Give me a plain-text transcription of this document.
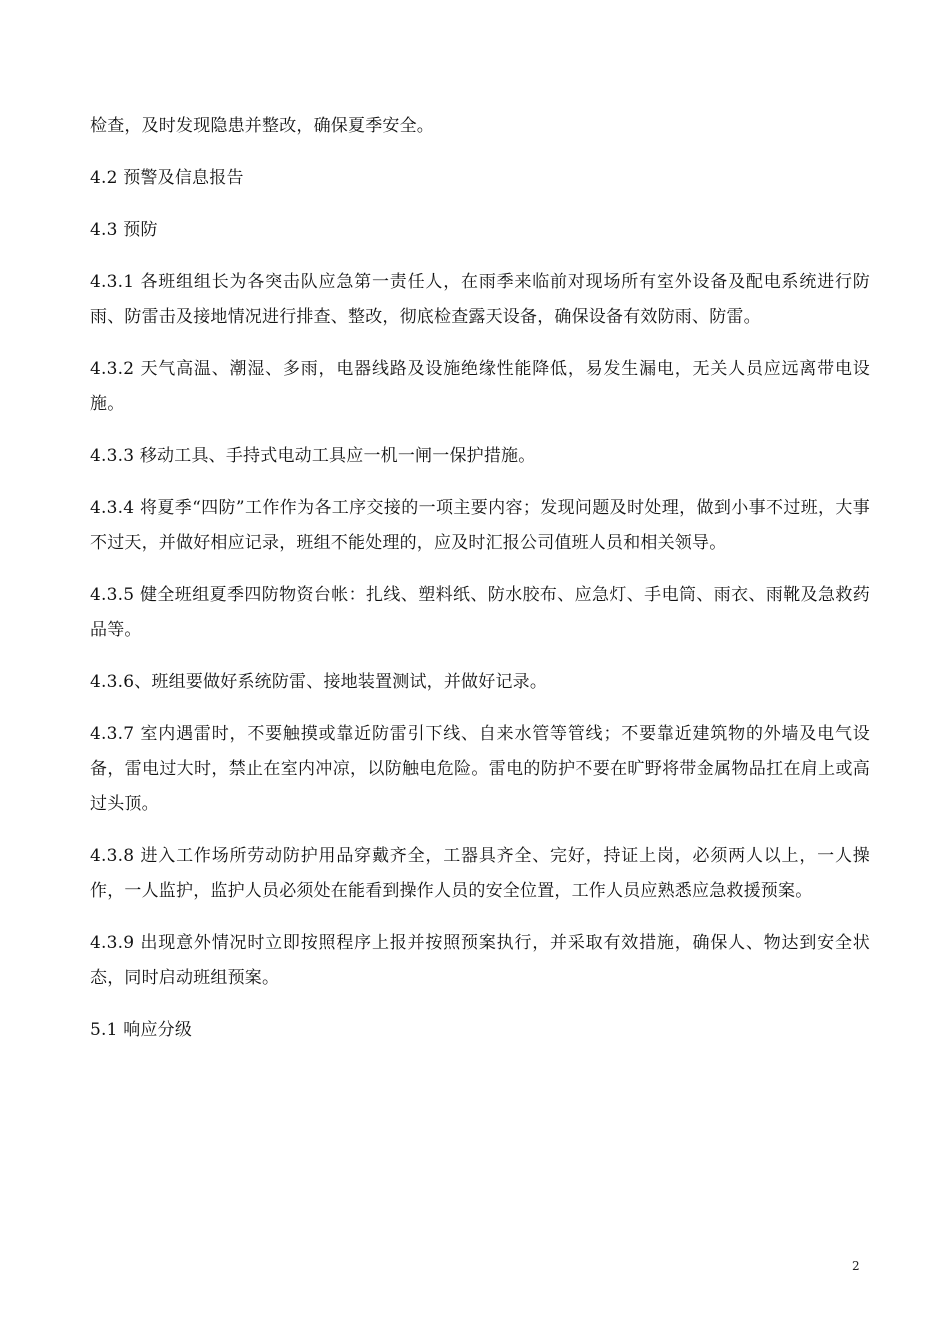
检查，及时发现隐患并整改，确保夏季安全。

4.2 预警及信息报告

4.3 预防

4.3.1 各班组组长为各突击队应急第一责任人，在雨季来临前对现场所有室外设备及配电系统进行防雨、防雷击及接地情况进行排查、整改，彻底检查露天设备，确保设备有效防雨、防雷。

4.3.2 天气高温、潮湿、多雨，电器线路及设施绝缘性能降低，易发生漏电，无关人员应远离带电设施。

4.3.3 移动工具、手持式电动工具应一机一闸一保护措施。

4.3.4 将夏季“四防”工作作为各工序交接的一项主要内容；发现问题及时处理，做到小事不过班，大事不过天，并做好相应记录，班组不能处理的，应及时汇报公司值班人员和相关领导。

4.3.5 健全班组夏季四防物资台帐：扎线、塑料纸、防水胶布、应急灯、手电筒、雨衣、雨靴及急救药品等。

4.3.6、班组要做好系统防雷、接地装置测试，并做好记录。

4.3.7 室内遇雷时，不要触摸或靠近防雷引下线、自来水管等管线；不要靠近建筑物的外墙及电气设备，雷电过大时，禁止在室内冲凉，以防触电危险。雷电的防护不要在旷野将带金属物品扛在肩上或高过头顶。

4.3.8 进入工作场所劳动防护用品穿戴齐全，工器具齐全、完好，持证上岗，必须两人以上，一人操作，一人监护，监护人员必须处在能看到操作人员的安全位置，工作人员应熟悉应急救援预案。

4.3.9 出现意外情况时立即按照程序上报并按照预案执行，并采取有效措施，确保人、物达到安全状态，同时启动班组预案。

5.1 响应分级

2
